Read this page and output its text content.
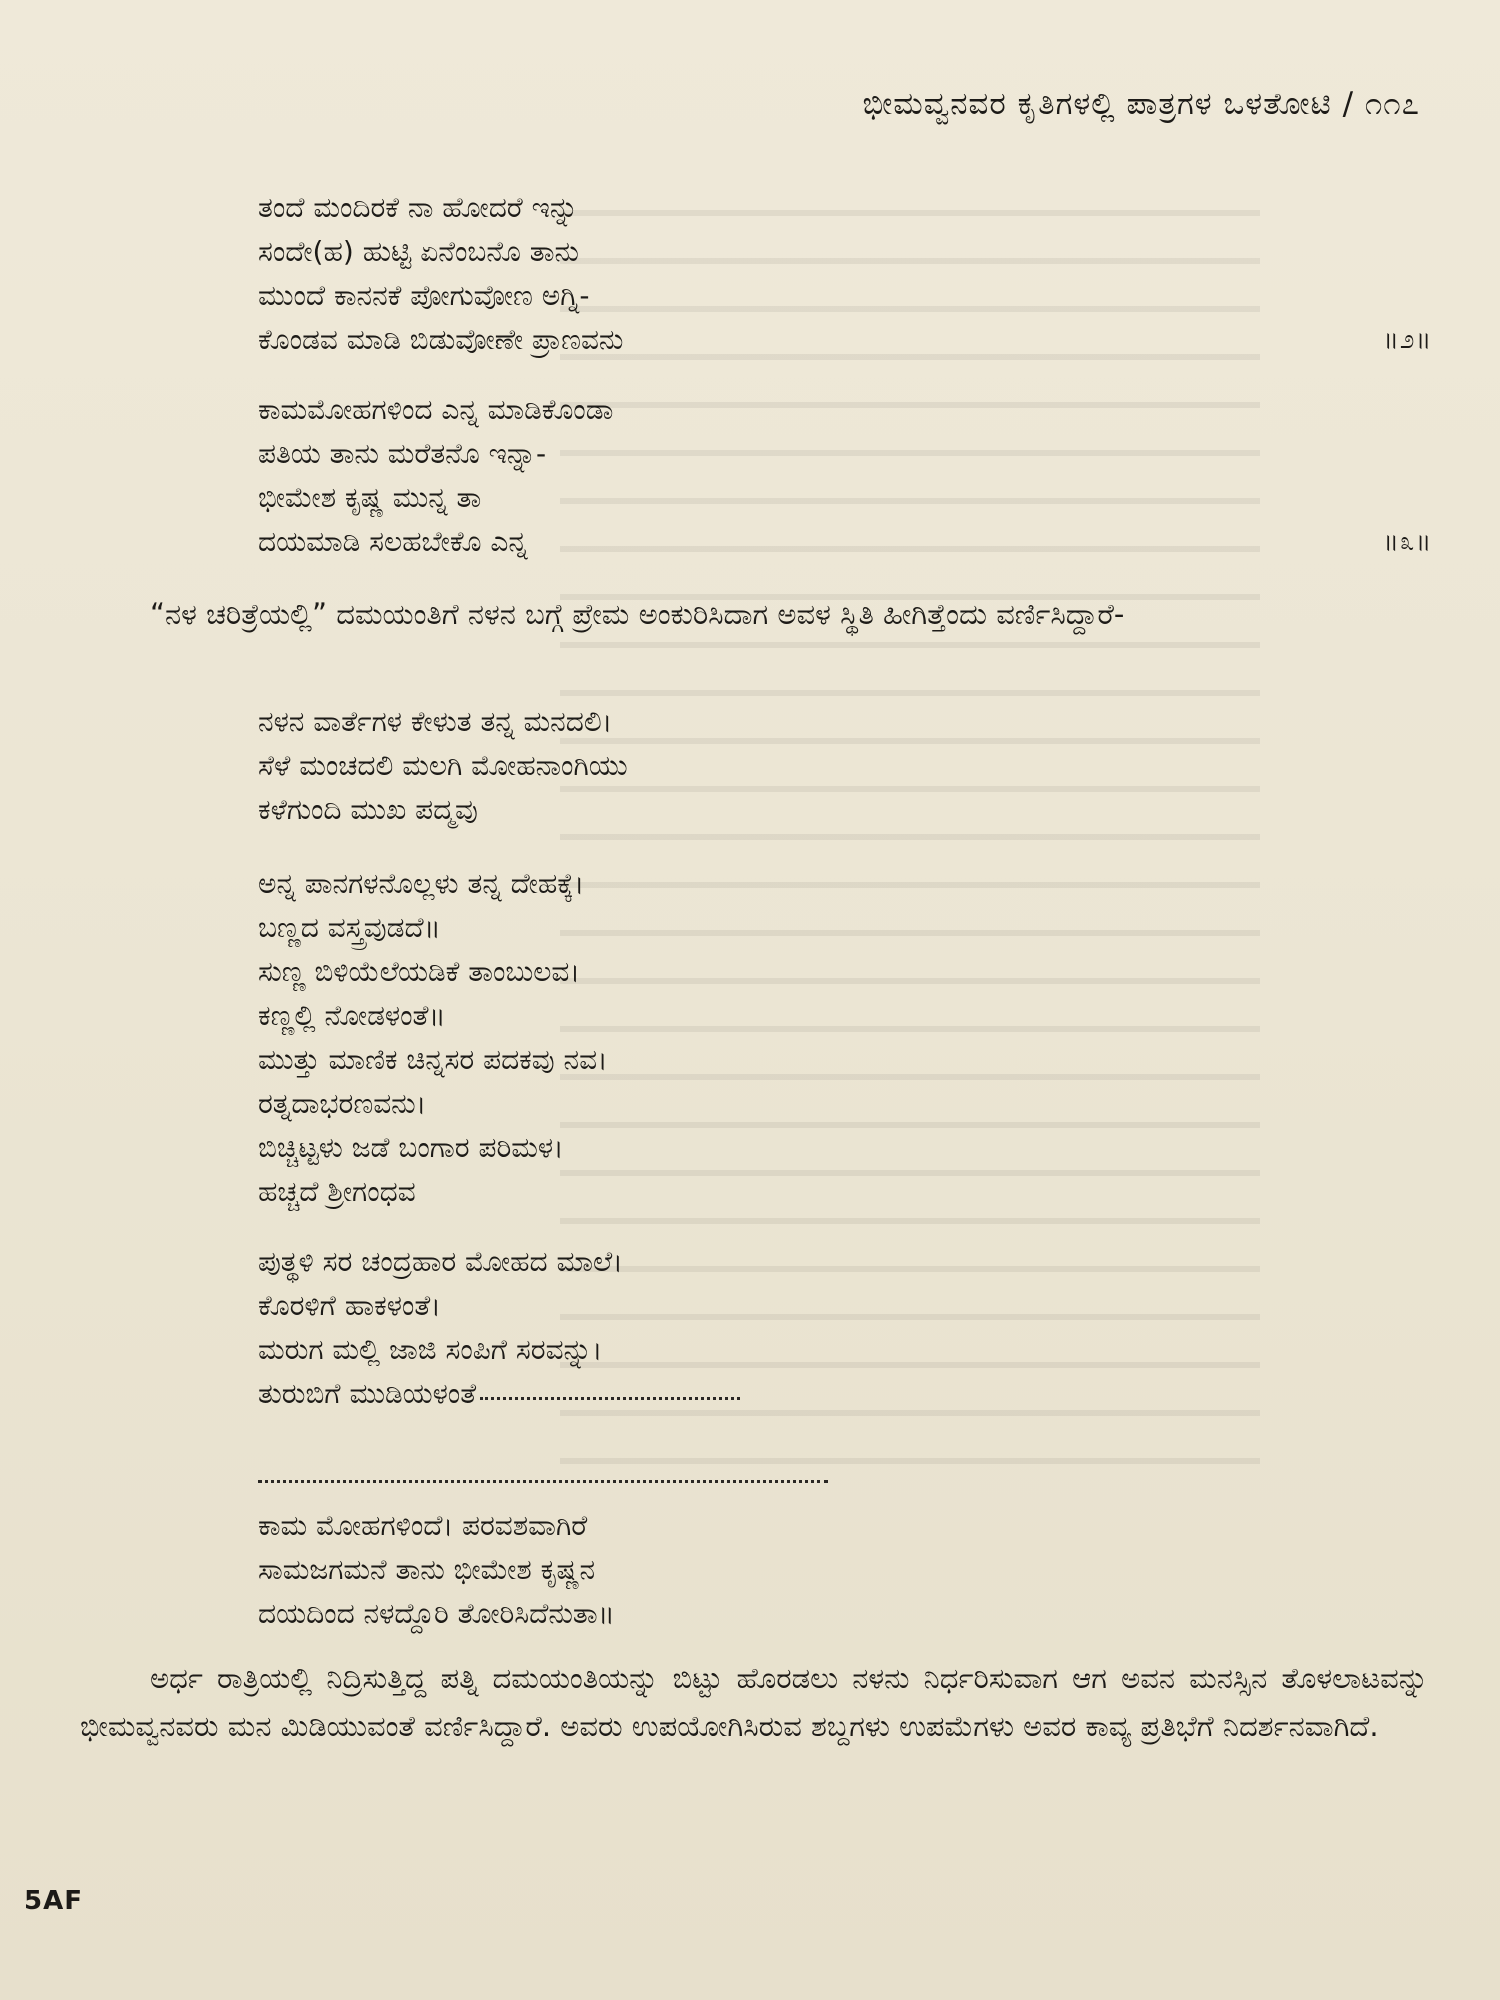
ಭೀಮವ್ವನವರ ಕೃತಿಗಳಲ್ಲಿ ಪಾತ್ರಗಳ ಒಳತೋಟಿ / ೧೧೭
ತಂದೆ ಮಂದಿರಕೆ ನಾ ಹೋದರೆ ಇನ್ನು
ಸಂದೇ(ಹ) ಹುಟ್ಟಿ ಏನೆಂಬನೊ ತಾನು
ಮುಂದೆ ಕಾನನಕೆ ಪೋಗುವೋಣ ಅಗ್ನಿ-
ಕೊಂಡವ ಮಾಡಿ ಬಿಡುವೋಣೇ ಪ್ರಾಣವನು	॥೨॥
ಕಾಮಮೋಹಗಳಿಂದ ಎನ್ನ ಮಾಡಿಕೊಂಡಾ
ಪತಿಯ ತಾನು ಮರೆತನೊ ಇನ್ನಾ-
ಭೀಮೇಶ ಕೃಷ್ಣ ಮುನ್ನ ತಾ
ದಯಮಾಡಿ ಸಲಹಬೇಕೊ ಎನ್ನ	॥೩॥

“ನಳ ಚರಿತ್ರೆಯಲ್ಲಿ” ದಮಯಂತಿಗೆ ನಳನ ಬಗ್ಗೆ ಪ್ರೇಮ ಅಂಕುರಿಸಿದಾಗ ಅವಳ ಸ್ಥಿತಿ ಹೀಗಿತ್ತೆಂದು ವರ್ಣಿಸಿದ್ದಾರೆ-

ನಳನ ವಾರ್ತೆಗಳ ಕೇಳುತ ತನ್ನ ಮನದಲಿ।
ಸೆಳೆ ಮಂಚದಲಿ ಮಲಗಿ ಮೋಹನಾಂಗಿಯು
ಕಳೆಗುಂದಿ ಮುಖ ಪದ್ಮವು
ಅನ್ನ ಪಾನಗಳನೊಲ್ಲಳು ತನ್ನ ದೇಹಕ್ಕೆ।
ಬಣ್ಣದ ವಸ್ತ್ರವುಡದೆ॥
ಸುಣ್ಣ ಬಿಳಿಯೆಲೆಯಡಿಕೆ ತಾಂಬುಲವ।
ಕಣ್ಣಲ್ಲಿ ನೋಡಳಂತೆ॥
ಮುತ್ತು ಮಾಣಿಕ ಚಿನ್ನಸರ ಪದಕವು ನವ।
ರತ್ನದಾಭರಣವನು।
ಬಿಚ್ಚಿಟ್ಟಳು ಜಡೆ ಬಂಗಾರ ಪರಿಮಳ।
ಹಚ್ಚದೆ ಶ್ರೀಗಂಧವ
ಪುತ್ಥಳಿ ಸರ ಚಂದ್ರಹಾರ ಮೋಹದ ಮಾಲೆ।
ಕೊರಳಿಗೆ ಹಾಕಳಂತೆ।
ಮರುಗ ಮಲ್ಲಿ ಜಾಜಿ ಸಂಪಿಗೆ ಸರವನ್ನು।
ತುರುಬಿಗೆ ಮುಡಿಯಳಂತೆ
ಕಾಮ ಮೋಹಗಳಿಂದೆ। ಪರವಶವಾಗಿರೆ
ಸಾಮಜಗಮನೆ ತಾನು ಭೀಮೇಶ ಕೃಷ್ಣನ
ದಯದಿಂದ ನಳದ್ದೊರಿ ತೋರಿಸಿದೆನುತಾ॥

ಅರ್ಧ ರಾತ್ರಿಯಲ್ಲಿ ನಿದ್ರಿಸುತ್ತಿದ್ದ ಪತ್ನಿ ದಮಯಂತಿಯನ್ನು ಬಿಟ್ಟು ಹೊರಡಲು ನಳನು ನಿರ್ಧರಿಸುವಾಗ ಆಗ ಅವನ ಮನಸ್ಸಿನ ತೊಳಲಾಟವನ್ನು ಭೀಮವ್ವನವರು ಮನ ಮಿಡಿಯುವಂತೆ ವರ್ಣಿಸಿದ್ದಾರೆ. ಅವರು ಉಪಯೋಗಿಸಿರುವ ಶಬ್ದಗಳು ಉಪಮೆಗಳು ಅವರ ಕಾವ್ಯ ಪ್ರತಿಭೆಗೆ ನಿದರ್ಶನವಾಗಿದೆ.

5AF
